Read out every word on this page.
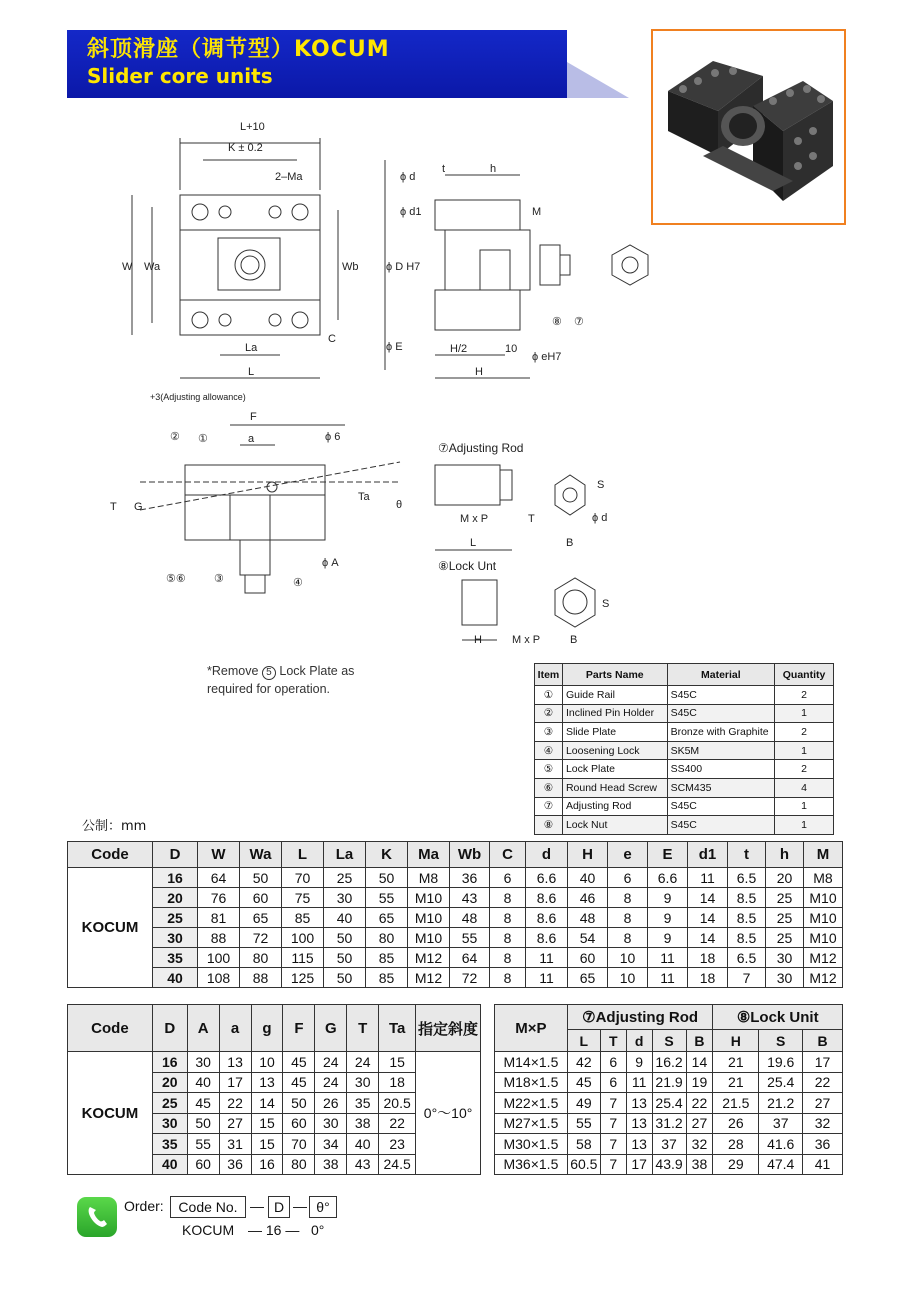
斜顶滑座（调节型）KOCUM
Slider core units
L+10
K ± 0.2
2–Ma
W Wa	Wb
La
L
C
t	h
ϕ d
ϕ d1	M
ϕ D H7
ϕ E	H/2	10
H
ϕ eH7
⑧ ⑦
+3(Adjusting allowance)
F
a	ϕ 6
② ①
T G
Ta
θ
⑤⑥	③	④
ϕ A
⑦Adjusting Rod
M x P	T
L
S
ϕ d
B
⑧Lock Unt
H	M x P	B
S
*Remove 5 Lock Plate as
required for operation.
Item	Parts Name	Material	Quantity
①	Guide Rail	S45C	2
②	Inclined Pin Holder	S45C	1
③	Slide Plate	Bronze with Graphite	2
④	Loosening Lock	SK5M	1
⑤	Lock Plate	SS400	2
⑥	Round Head Screw	SCM435	4
⑦	Adjusting Rod	S45C	1
⑧	Lock Nut	S45C	1
公制：mm
Code	D	W	Wa	L	La	K	Ma	Wb	C	d	H	e	E	d1	t	h	M
KOCUM	16	64	50	70	25	50	M8	36	6	6.6	40	6	6.6	11	6.5	20	M8
	20	76	60	75	30	55	M10	43	8	8.6	46	8	9	14	8.5	25	M10
	25	81	65	85	40	65	M10	48	8	8.6	48	8	9	14	8.5	25	M10
	30	88	72	100	50	80	M10	55	8	8.6	54	8	9	14	8.5	25	M10
	35	100	80	115	50	85	M12	64	8	11	60	10	11	18	6.5	30	M12
	40	108	88	125	50	85	M12	72	8	11	65	10	11	18	7	30	M12
Code	D	A	a	g	F	G	T	Ta	指定斜度
KOCUM	16	30	13	10	45	24	24	15	0°～10°
	20	40	17	13	45	24	30	18	
	25	45	22	14	50	26	35	20.5	
	30	50	27	15	60	30	38	22	
	35	55	31	15	70	34	40	23	
	40	60	36	16	80	38	43	24.5	
M×P	⑦Adjusting Rod					⑧Lock Unit		
	L	T	d	S	B	H	S	B
M14×1.5	42	6	9	16.2	14	21	19.6	17
M18×1.5	45	6	11	21.9	19	21	25.4	22
M22×1.5	49	7	13	25.4	22	21.5	21.2	27
M27×1.5	55	7	13	31.2	27	26	37	32
M30×1.5	58	7	13	37	32	28	41.6	36
M36×1.5	60.5	7	17	43.9	38	29	47.4	41
Order:	Code No. — D — θ°
KOCUM — 16 — 0°
